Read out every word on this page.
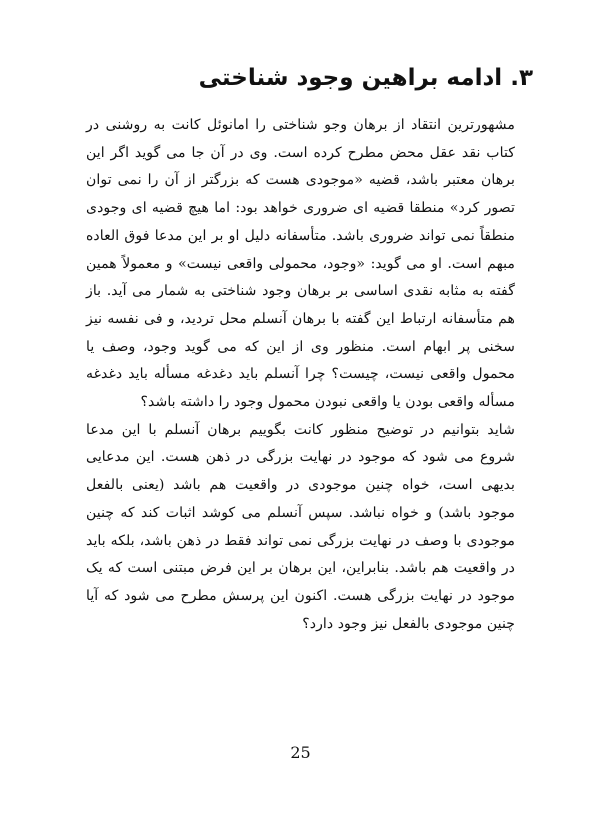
۳. ادامه براهین وجود شناختی

مشهورترین انتقاد از برهان وجو شناختی را امانوئل کانت به روشنی در کتاب نقد عقل محض مطرح کرده است. وی در آن جا می گوید اگر این برهان معتبر باشد، قضیه «موجودی هست که بزرگتر از آن را نمی توان تصور کرد» منطقا قضیه ای ضروری خواهد بود: اما هیچ قضیه ای وجودی منطقاً نمی تواند ضروری باشد. متأسفانه دلیل او بر این مدعا فوق العاده مبهم است. او می گوید: «وجود، محمولی واقعی نیست» و معمولاً همین گفته به مثابه نقدی اساسی بر برهان وجود شناختی به شمار می آید. باز هم متأسفانه ارتباط این گفته با برهان آنسلم محل تردید، و فی نفسه نیز سخنی پر ابهام است. منظور وی از این که می گوید وجود، وصف یا محمول واقعی نیست، چیست؟ چرا آنسلم باید دغدغه مسأله باید دغدغه مسأله واقعی بودن یا واقعی نبودن محمول وجود را داشته باشد؟

شاید بتوانیم در توضیح منظور کانت بگوییم برهان آنسلم با این مدعا شروع می شود که موجود در نهایت بزرگی در ذهن هست. این مدعایی بدیهی است، خواه چنین موجودی در واقعیت هم باشد (یعنی بالفعل موجود باشد) و خواه نباشد. سپس آنسلم می کوشد اثبات کند که چنین موجودی با وصف در نهایت بزرگی نمی تواند فقط در ذهن باشد، بلکه باید در واقعیت هم باشد. بنابراین، این برهان بر این فرض مبتنی است که یک موجود در نهایت بزرگی هست. اکنون این پرسش مطرح می شود که آیا چنین موجودی بالفعل نیز وجود دارد؟

25
